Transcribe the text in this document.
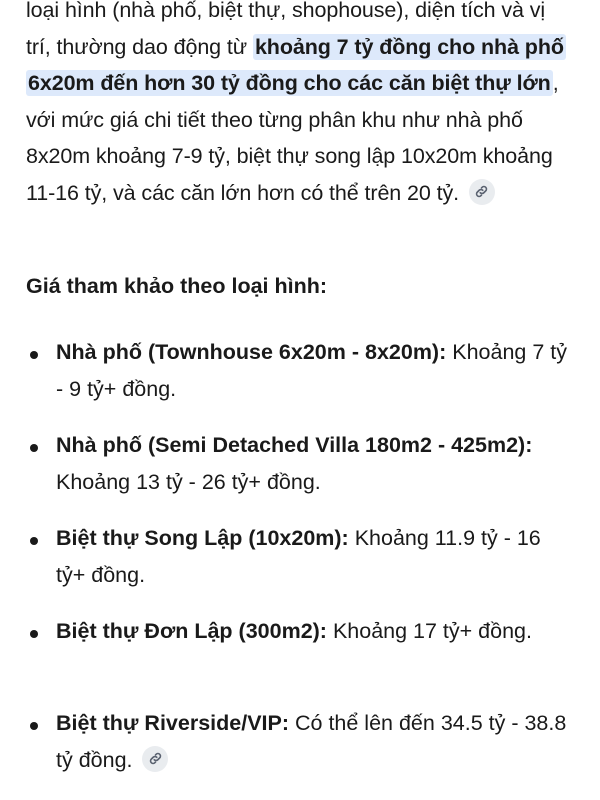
loại hình (nhà phố, biệt thự, shophouse), diện tích và vị trí, thường dao động từ khoảng 7 tỷ đồng cho nhà phố 6x20m đến hơn 30 tỷ đồng cho các căn biệt thự lớn, với mức giá chi tiết theo từng phân khu như nhà phố 8x20m khoảng 7-9 tỷ, biệt thự song lập 10x20m khoảng 11-16 tỷ, và các căn lớn hơn có thể trên 20 tỷ.
Giá tham khảo theo loại hình:
Nhà phố (Townhouse 6x20m - 8x20m): Khoảng 7 tỷ - 9 tỷ+ đồng.
Nhà phố (Semi Detached Villa 180m2 - 425m2): Khoảng 13 tỷ - 26 tỷ+ đồng.
Biệt thự Song Lập (10x20m): Khoảng 11.9 tỷ - 16 tỷ+ đồng.
Biệt thự Đơn Lập (300m2): Khoảng 17 tỷ+ đồng.
Biệt thự Riverside/VIP: Có thể lên đến 34.5 tỷ - 38.8 tỷ đồng.
